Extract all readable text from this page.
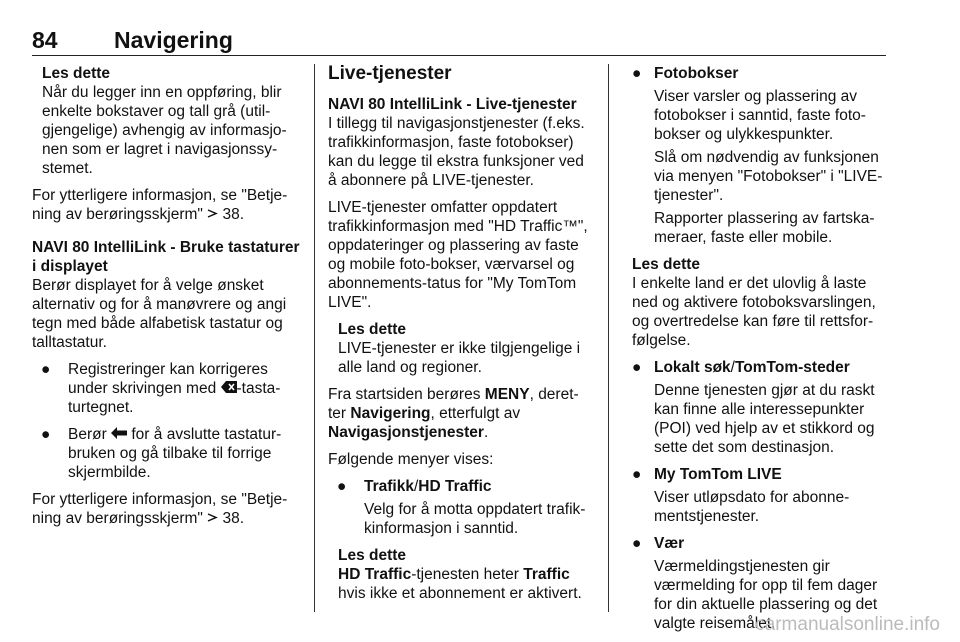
84 Navigering
Les dette
Når du legger inn en oppføring, blir enkelte bokstaver og tall grå (util-gjengelige) avhengig av informasjo-nen som er lagret i navigasjonssy-stemet.

For ytterligere informasjon, se "Betje-ning av berøringsskjerm" 38.

NAVI 80 IntelliLink - Bruke tastaturer i displayet

Berør displayet for å velge ønsket alternativ og for å manøvrere og angi tegn med både alfabetisk tastatur og talltastatur.

● Registreringer kan korrigeres under skrivingen med -tasta-turtegnet.
● Berør for å avslutte tastatur-bruken og gå tilbake til forrige skjermbilde.

For ytterligere informasjon, se "Betje-ning av berøringsskjerm" 38.

Live-tjenester

NAVI 80 IntelliLink - Live-tjenester

I tillegg til navigasjonstjenester (f.eks. trafikkinformasjon, faste fotobokser) kan du legge til ekstra funksjoner ved å abonnere på LIVE-tjenester.

LIVE-tjenester omfatter oppdatert trafikkinformasjon med "HD Traffic™", oppdateringer og plassering av faste og mobile foto-bokser, værvarsel og abonnements-tatus for "My TomTom LIVE".

Les dette
LIVE-tjenester er ikke tilgjengelige i alle land og regioner.

Fra startsiden berøres MENY, deret-ter Navigering, etterfulgt av Navigasjonstjenester.

Følgende menyer vises:

● Trafikk/HD Traffic
Velg for å motta oppdatert trafik-kinformasjon i sanntid.
Les dette
HD Traffic-tjenesten heter Traffic hvis ikke et abonnement er aktivert.
● Fotobokser
Viser varsler og plassering av fotobokser i sanntid, faste foto-bokser og ulykkespunkter.
Slå om nødvendig av funksjonen via menyen "Fotobokser" i "LIVE-tjenester".
Rapporter plassering av fartska-meraer, faste eller mobile.
Les dette
I enkelte land er det ulovlig å laste ned og aktivere fotoboksvarslingen, og overtredelse kan føre til rettsfor-følgelse.
● Lokalt søk/TomTom-steder
Denne tjenesten gjør at du raskt kan finne alle interessepunkter (POI) ved hjelp av et stikkord og sette det som destinasjon.
● My TomTom LIVE
Viser utløpsdato for abonne-mentstjenester.
● Vær
Værmeldingstjenesten gir værmelding for opp til fem dager for din aktuelle plassering og det valgte reisemålet.
carmanualsonline.info
